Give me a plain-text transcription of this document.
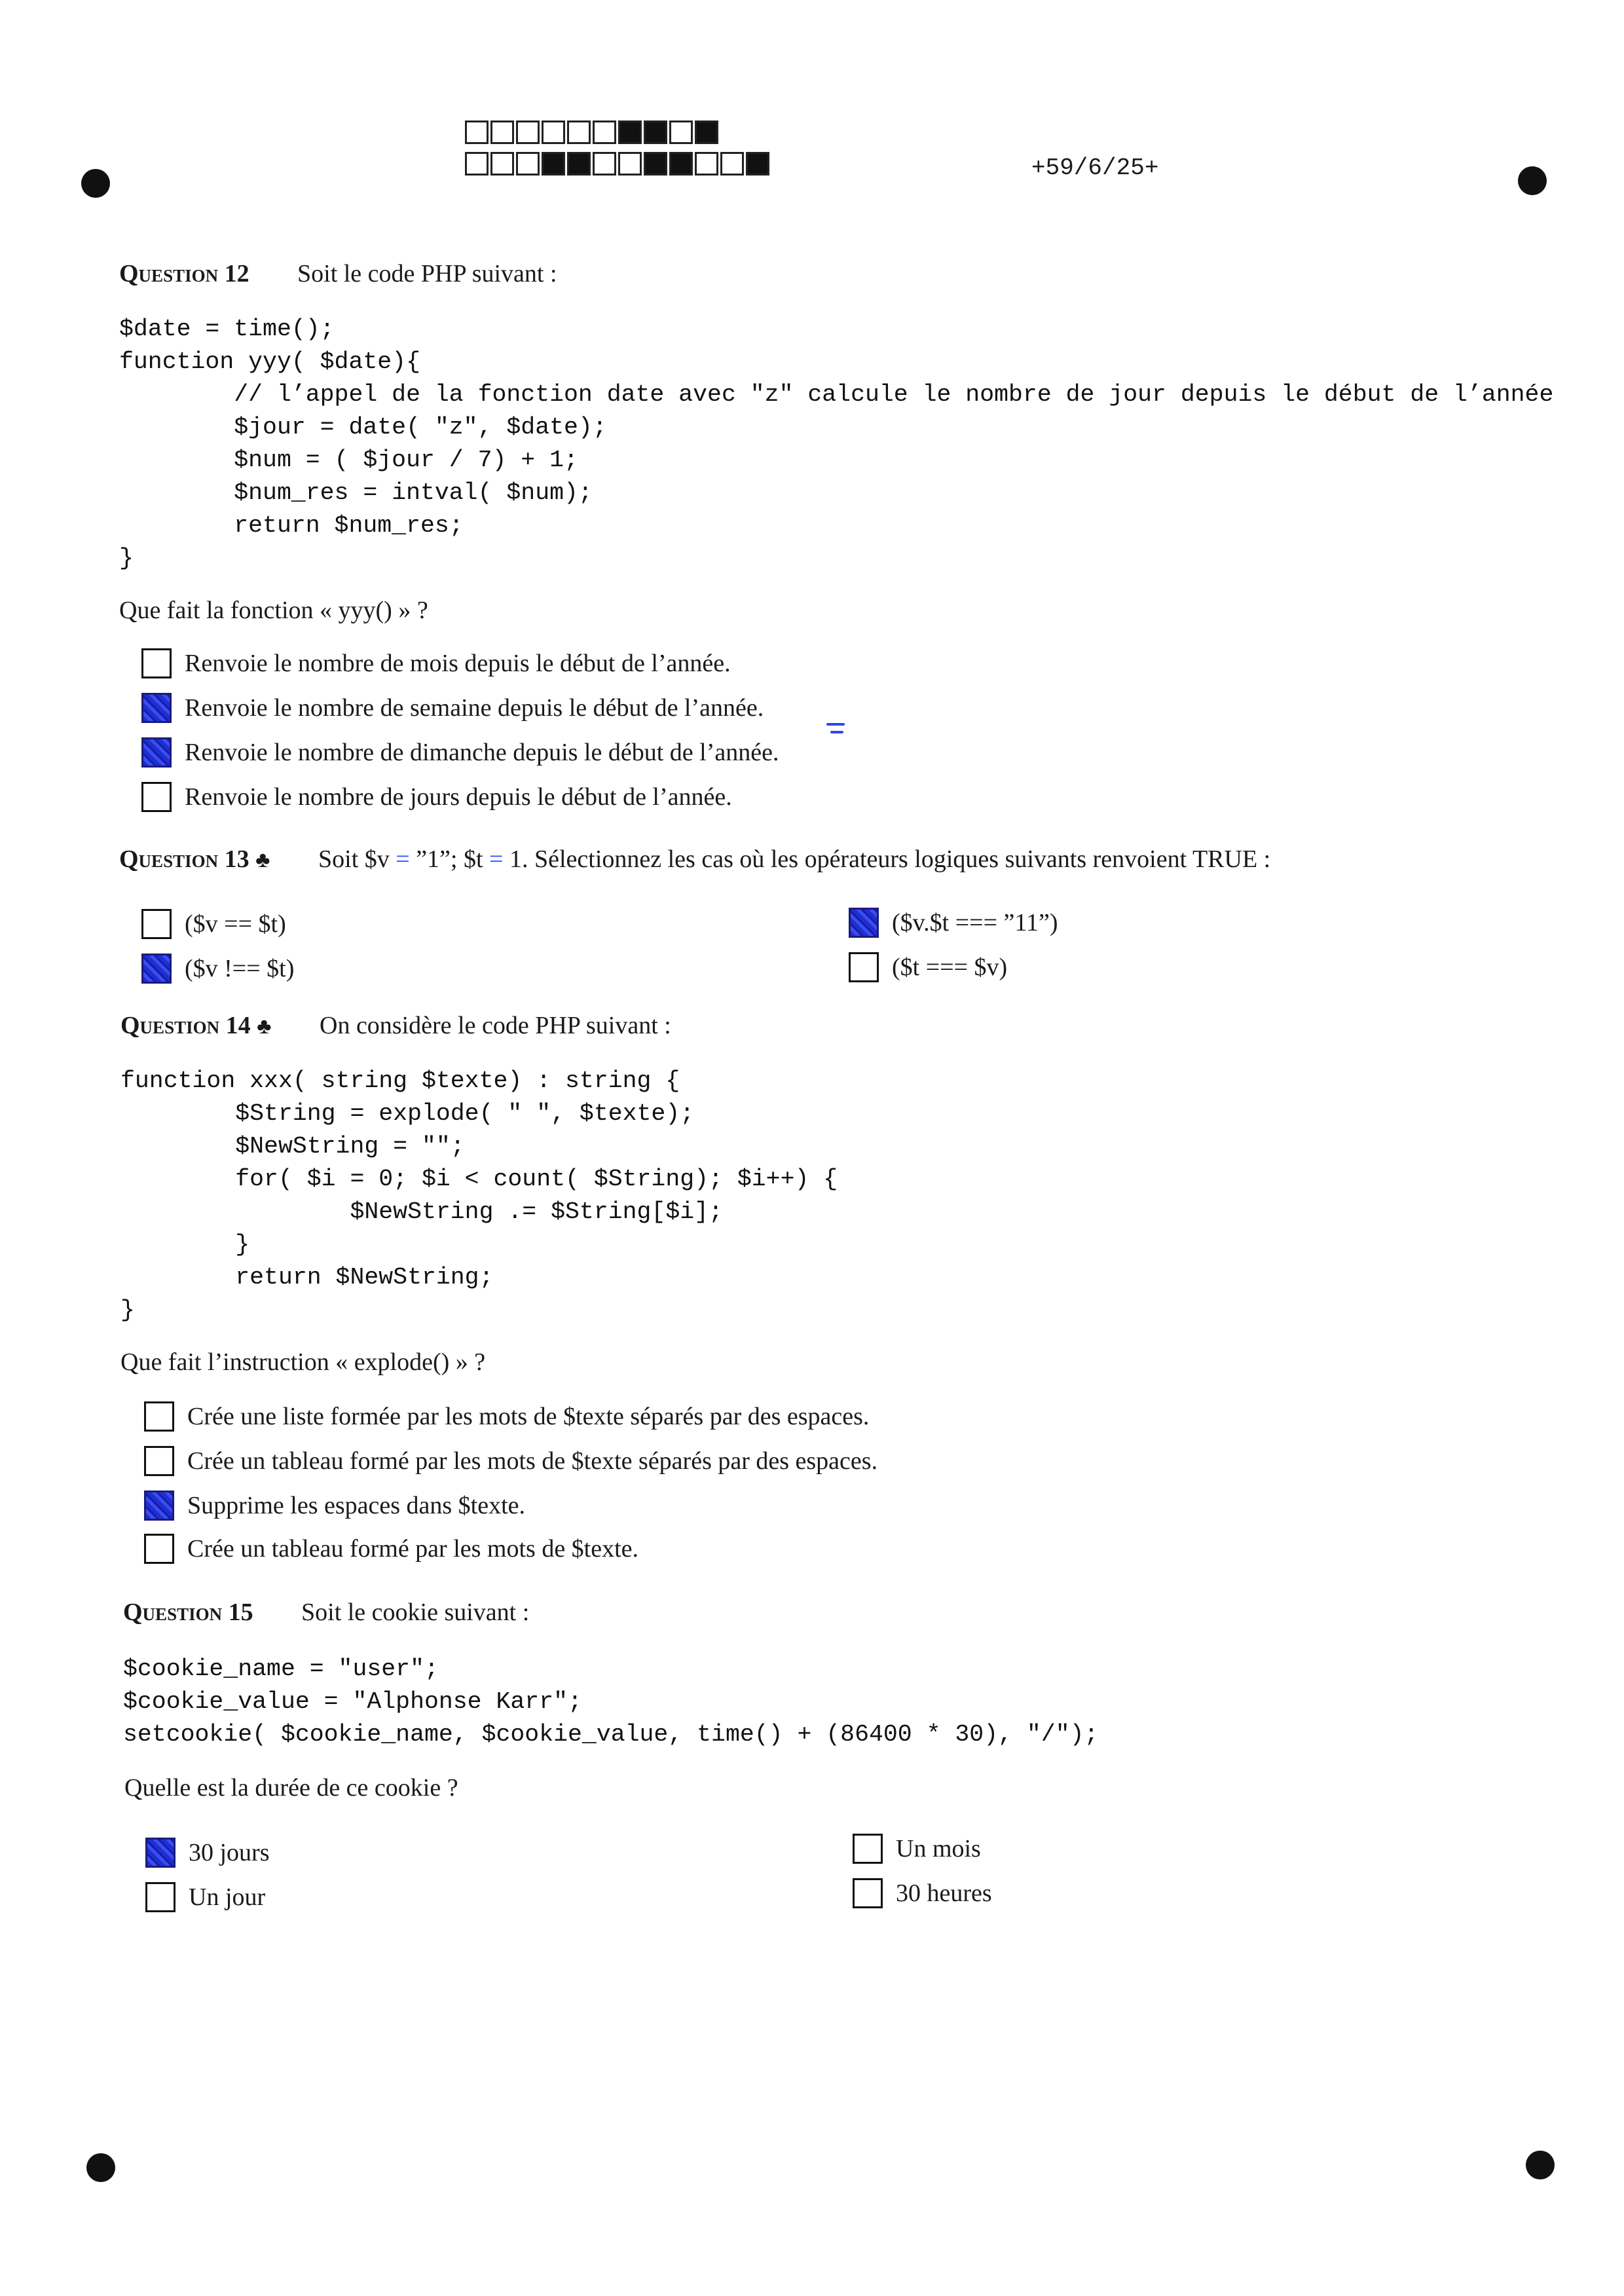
+59/6/25+
Question 12 Soit le code PHP suivant :
$date = time();
function yyy( $date){
// l’appel de la fonction date avec "z" calcule le nombre de jour depuis le début de l’année
$jour = date( "z", $date);
$num = ( $jour / 7) + 1;
$num_res = intval( $num);
return $num_res;
}
Que fait la fonction « yyy() » ?
Renvoie le nombre de mois depuis le début de l’année.
Renvoie le nombre de semaine depuis le début de l’année.
Renvoie le nombre de dimanche depuis le début de l’année.
Renvoie le nombre de jours depuis le début de l’année.
Question 13 ♣ Soit $v = ”1”; $t = 1. Sélectionnez les cas où les opérateurs logiques suivants renvoient TRUE :
($v == $t)	($v.$t === ”11”)
($v !== $t)	($t === $v)
Question 14 ♣ On considère le code PHP suivant :
function xxx( string $texte) : string {
$String = explode( " ", $texte);
$NewString = "";
for( $i = 0; $i < count( $String); $i++) {
$NewString .= $String[$i];
}
return $NewString;
}
Que fait l’instruction « explode() » ?
Crée une liste formée par les mots de $texte séparés par des espaces.
Crée un tableau formé par les mots de $texte séparés par des espaces.
Supprime les espaces dans $texte.
Crée un tableau formé par les mots de $texte.
Question 15 Soit le cookie suivant :
$cookie_name = "user";
$cookie_value = "Alphonse Karr";
setcookie( $cookie_name, $cookie_value, time() + (86400 * 30), "/");
Quelle est la durée de ce cookie ?
30 jours	Un mois
Un jour	30 heures
